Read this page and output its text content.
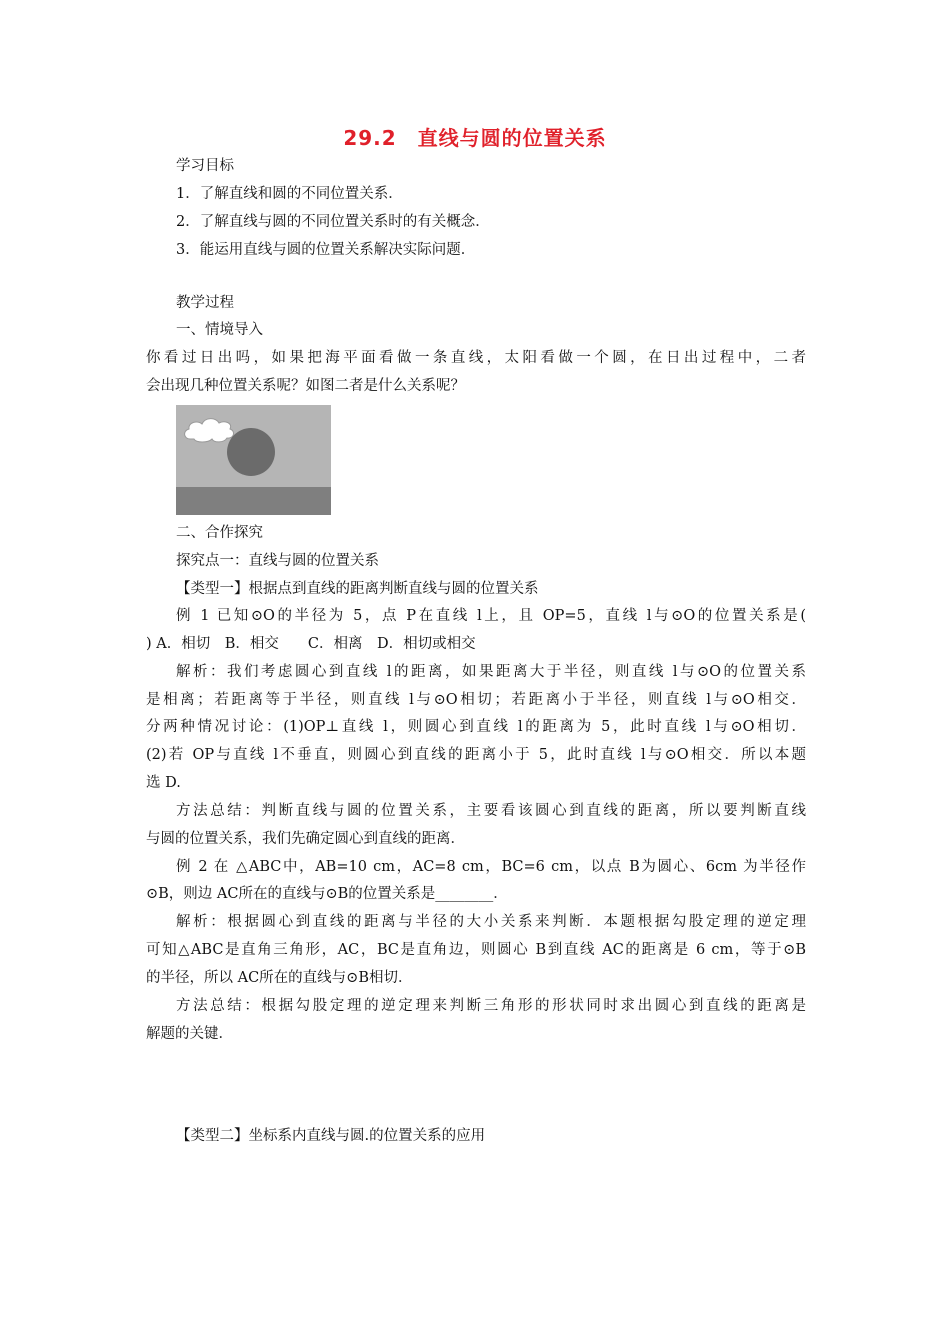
29.2　直线与圆的位置关系
学习目标
1．了解直线和圆的不同位置关系．
2．了解直线与圆的不同位置关系时的有关概念．
3．能运用直线与圆的位置关系解决实际问题．
教学过程
一、情境导入
你看过日出吗，如果把海平面看做一条直线，太阳看做一个圆，在日出过程中，二者
会出现几种位置关系呢？如图二者是什么关系呢？
二、合作探究
探究点一：直线与圆的位置关系
【类型一】根据点到直线的距离判断直线与圆的位置关系
例 1 已知⊙O的半径为 5，点 P在直线 l上，且 OP=5，直线 l与⊙O的位置关系是(
) A．相切　B．相交　　C．相离　D．相切或相交
解析：我们考虑圆心到直线 l的距离，如果距离大于半径，则直线 l与⊙O的位置关系
是相离；若距离等于半径，则直线 l与⊙O相切；若距离小于半径，则直线 l与⊙O相交．
分两种情况讨论：(1)OP⊥直线 l，则圆心到直线 l的距离为 5，此时直线 l与⊙O相切．
(2)若 OP与直线 l不垂直，则圆心到直线的距离小于 5，此时直线 l与⊙O相交．所以本题
选 D.
方法总结：判断直线与圆的位置关系，主要看该圆心到直线的距离，所以要判断直线
与圆的位置关系，我们先确定圆心到直线的距离．
例 2 在 △ABC中，AB=10 cm，AC=8 cm，BC=6 cm，以点 B为圆心、6cm 为半径作
⊙B，则边 AC所在的直线与⊙B的位置关系是________．
解析：根据圆心到直线的距离与半径的大小关系来判断．本题根据勾股定理的逆定理
可知△ABC是直角三角形，AC，BC是直角边，则圆心 B到直线 AC的距离是 6 cm，等于⊙B
的半径，所以 AC所在的直线与⊙B相切．
方法总结：根据勾股定理的逆定理来判断三角形的形状同时求出圆心到直线的距离是
解题的关键．
【类型二】坐标系内直线与圆.的位置关系的应用
